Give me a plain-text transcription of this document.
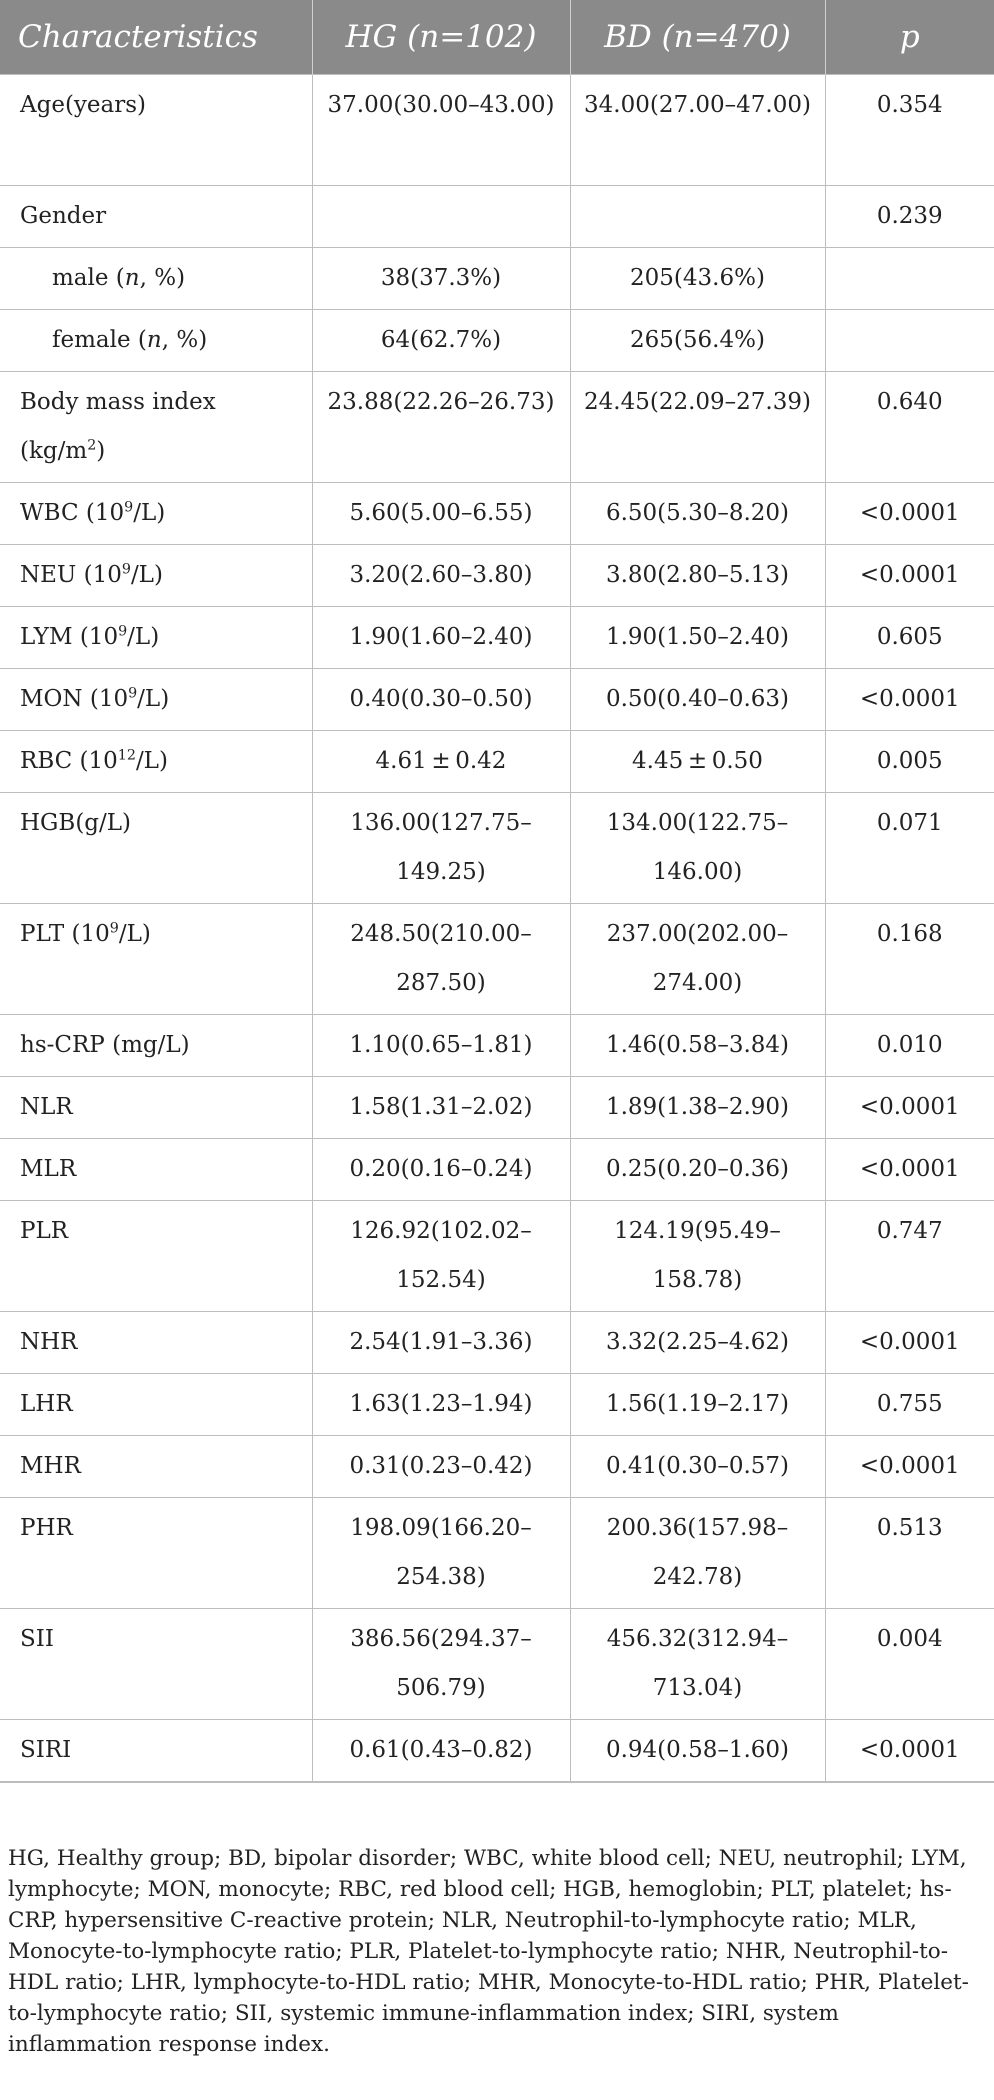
Characteristics	HG (n=102)	BD (n=470)	p
Age(years)	37.00(30.00–43.00)	34.00(27.00–47.00)	0.354
Gender			0.239
male (n, %)	38(37.3%)	205(43.6%)	
female (n, %)	64(62.7%)	265(56.4%)	
Body mass index $(kg/m^2)$	23.88(22.26–26.73)	24.45(22.09–27.39)	0.640
WBC $(10^9/L)$	5.60(5.00–6.55)	6.50(5.30–8.20)	<0.0001
NEU $(10^9/L)$	3.20(2.60–3.80)	3.80(2.80–5.13)	<0.0001
LYM $(10^9/L)$	1.90(1.60–2.40)	1.90(1.50–2.40)	0.605
MON $(10^9/L)$	0.40(0.30–0.50)	0.50(0.40–0.63)	<0.0001
RBC $(10^{12}/L)$	4.61 ± 0.42	4.45 ± 0.50	0.005
HGB(g/L)	136.00(127.75–149.25)	134.00(122.75–146.00)	0.071
PLT $(10^9/L)$	248.50(210.00–287.50)	237.00(202.00–274.00)	0.168
hs-CRP (mg/L)	1.10(0.65–1.81)	1.46(0.58–3.84)	0.010
NLR	1.58(1.31–2.02)	1.89(1.38–2.90)	<0.0001
MLR	0.20(0.16–0.24)	0.25(0.20–0.36)	<0.0001
PLR	126.92(102.02–152.54)	124.19(95.49–158.78)	0.747
NHR	2.54(1.91–3.36)	3.32(2.25–4.62)	<0.0001
LHR	1.63(1.23–1.94)	1.56(1.19–2.17)	0.755
MHR	0.31(0.23–0.42)	0.41(0.30–0.57)	<0.0001
PHR	198.09(166.20–254.38)	200.36(157.98–242.78)	0.513
SII	386.56(294.37–506.79)	456.32(312.94–713.04)	0.004
SIRI	0.61(0.43–0.82)	0.94(0.58–1.60)	<0.0001

HG, Healthy group; BD, bipolar disorder; WBC, white blood cell; NEU, neutrophil; LYM, lymphocyte; MON, monocyte; RBC, red blood cell; HGB, hemoglobin; PLT, platelet; hs-CRP, hypersensitive C-reactive protein; NLR, Neutrophil-to-lymphocyte ratio; MLR, Monocyte-to-lymphocyte ratio; PLR, Platelet-to-lymphocyte ratio; NHR, Neutrophil-to-HDL ratio; LHR, lymphocyte-to-HDL ratio; MHR, Monocyte-to-HDL ratio; PHR, Platelet-to-lymphocyte ratio; SII, systemic immune-inflammation index; SIRI, system inflammation response index.
